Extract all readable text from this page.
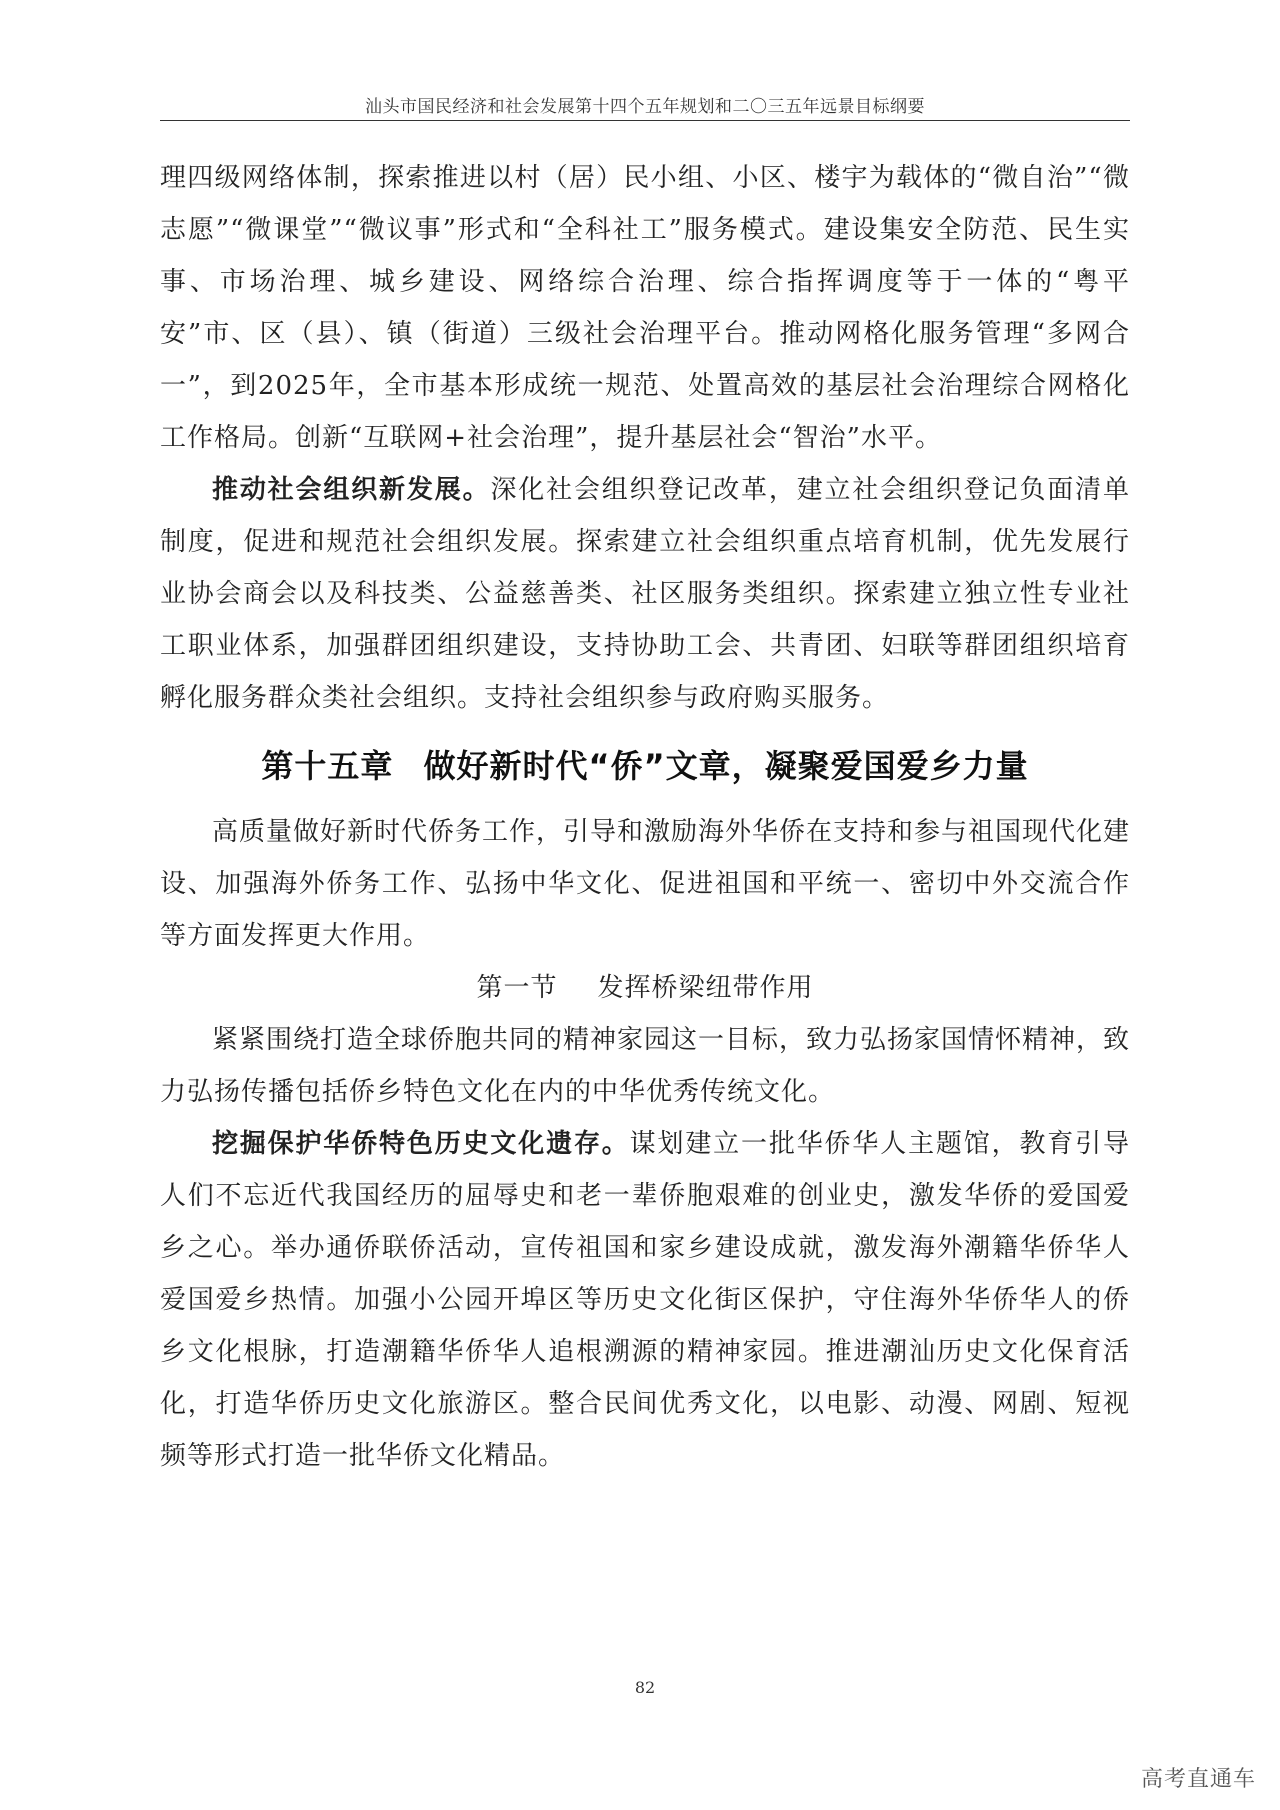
汕头市国民经济和社会发展第十四个五年规划和二〇三五年远景目标纲要

理四级网络体制，探索推进以村（居）民小组、小区、楼宇为载体的“微自治”“微志愿”“微课堂”“微议事”形式和“全科社工”服务模式。建设集安全防范、民生实事、市场治理、城乡建设、网络综合治理、综合指挥调度等于一体的“粤平安”市、区（县）、镇（街道）三级社会治理平台。推动网格化服务管理“多网合一”，到2025年，全市基本形成统一规范、处置高效的基层社会治理综合网格化工作格局。创新“互联网+社会治理”，提升基层社会“智治”水平。

推动社会组织新发展。深化社会组织登记改革，建立社会组织登记负面清单制度，促进和规范社会组织发展。探索建立社会组织重点培育机制，优先发展行业协会商会以及科技类、公益慈善类、社区服务类组织。探索建立独立性专业社工职业体系，加强群团组织建设，支持协助工会、共青团、妇联等群团组织培育孵化服务群众类社会组织。支持社会组织参与政府购买服务。

第十五章 做好新时代“侨”文章，凝聚爱国爱乡力量

高质量做好新时代侨务工作，引导和激励海外华侨在支持和参与祖国现代化建设、加强海外侨务工作、弘扬中华文化、促进祖国和平统一、密切中外交流合作等方面发挥更大作用。

第一节 发挥桥梁纽带作用

紧紧围绕打造全球侨胞共同的精神家园这一目标，致力弘扬家国情怀精神，致力弘扬传播包括侨乡特色文化在内的中华优秀传统文化。

挖掘保护华侨特色历史文化遗存。谋划建立一批华侨华人主题馆，教育引导人们不忘近代我国经历的屈辱史和老一辈侨胞艰难的创业史，激发华侨的爱国爱乡之心。举办通侨联侨活动，宣传祖国和家乡建设成就，激发海外潮籍华侨华人爱国爱乡热情。加强小公园开埠区等历史文化街区保护，守住海外华侨华人的侨乡文化根脉，打造潮籍华侨华人追根溯源的精神家园。推进潮汕历史文化保育活化，打造华侨历史文化旅游区。整合民间优秀文化，以电影、动漫、网剧、短视频等形式打造一批华侨文化精品。

82
高考直通车
